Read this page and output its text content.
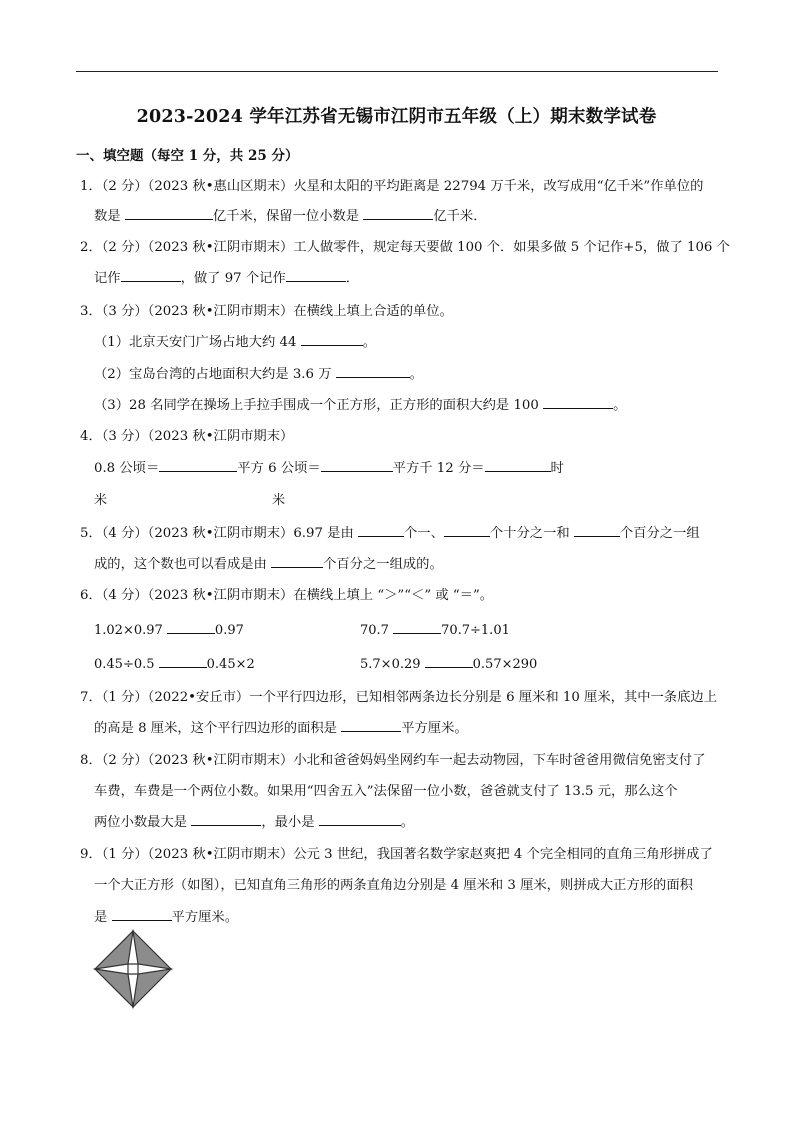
2023-2024 学年江苏省无锡市江阴市五年级（上）期末数学试卷
一、填空题（每空 1 分，共 25 分）
1．（2 分）（2023 秋•惠山区期末）火星和太阳的平均距离是 22794 万千米，改写成用“亿千米”作单位的
数是	亿千米，保留一位小数是	亿千米．
2．（2 分）（2023 秋•江阴市期末）工人做零件，规定每天要做 100 个．如果多做 5 个记作+5，做了 106 个
记作	，做了 97 个记作	．
3．（3 分）（2023 秋•江阴市期末）在横线上填上合适的单位。
（1）北京天安门广场占地大约 44	。
（2）宝岛台湾的占地面积大约是 3.6 万	。
（3）28 名同学在操场上手拉手围成一个正方形，正方形的面积大约是 100	。
4．（3 分）（2023 秋•江阴市期末）
0.8 公顷＝	平方 6 公顷＝	平方千 12 分＝	时
米	米
5．（4 分）（2023 秋•江阴市期末）6.97 是由	个一、	个十分之一和	个百分之一组
成的，这个数也可以看成是由	个百分之一组成的。
6．（4 分）（2023 秋•江阴市期末）在横线上填上 “＞”“＜” 或 “＝”。
1.02×0.97	0.97	70.7	70.7÷1.01
0.45÷0.5	0.45×2	5.7×0.29	0.57×290
7．（1 分）（2022•安丘市）一个平行四边形，已知相邻两条边长分别是 6 厘米和 10 厘米，其中一条底边上
的高是 8 厘米，这个平行四边形的面积是	平方厘米。
8．（2 分）（2023 秋•江阴市期末）小北和爸爸妈妈坐网约车一起去动物园，下车时爸爸用微信免密支付了
车费，车费是一个两位小数。如果用“四舍五入”法保留一位小数，爸爸就支付了 13.5 元，那么这个
两位小数最大是	，最小是	。
9．（1 分）（2023 秋•江阴市期末）公元 3 世纪，我国著名数学家赵爽把 4 个完全相同的直角三角形拼成了
一个大正方形（如图），已知直角三角形的两条直角边分别是 4 厘米和 3 厘米，则拼成大正方形的面积
是	平方厘米。
